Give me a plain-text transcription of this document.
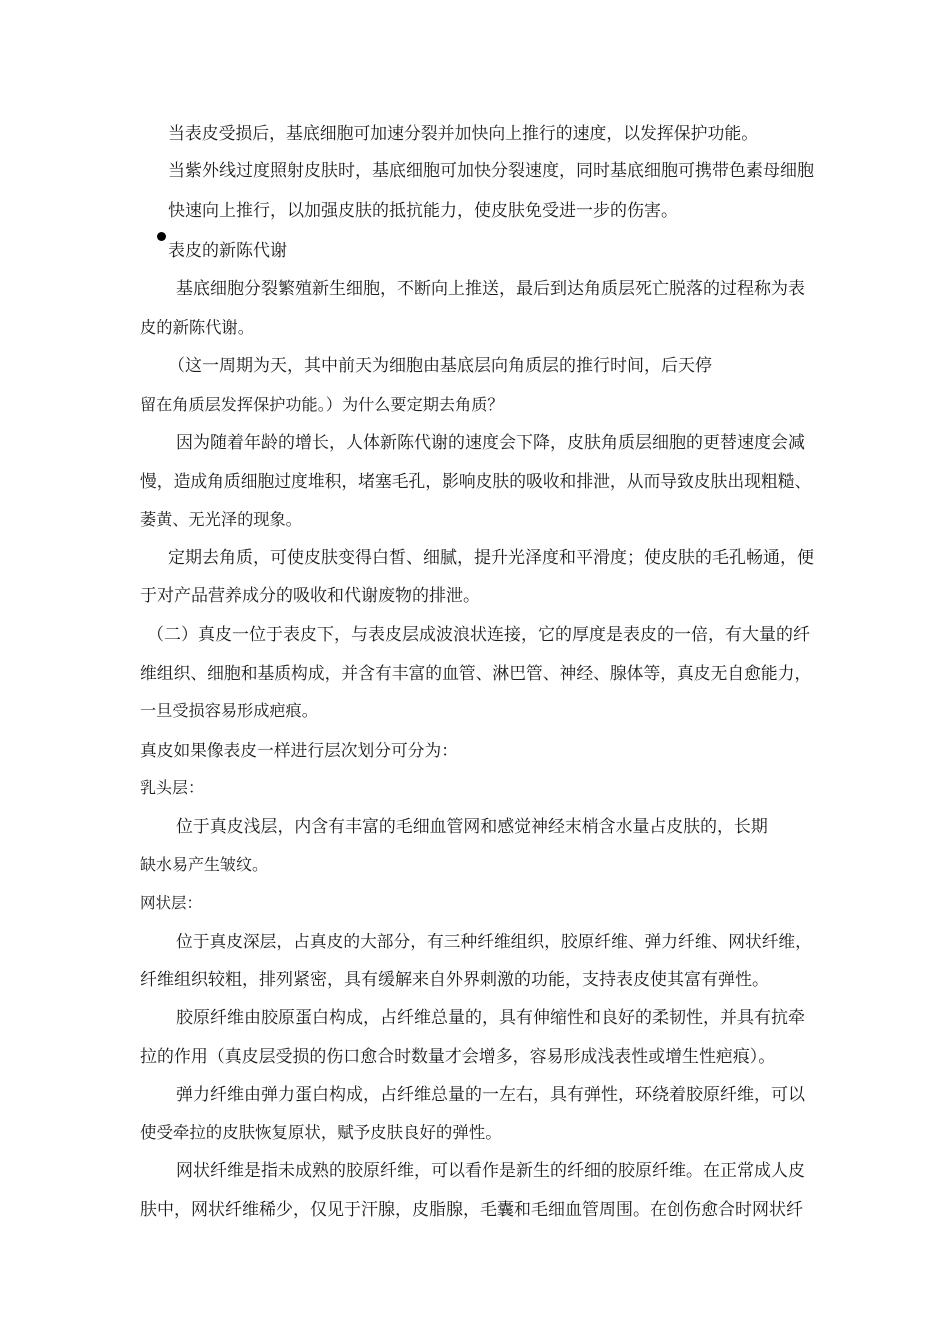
当表皮受损后，基底细胞可加速分裂并加快向上推行的速度，以发挥保护功能。
当紫外线过度照射皮肤时，基底细胞可加快分裂速度，同时基底细胞可携带色素母细胞
快速向上推行，以加强皮肤的抵抗能力，使皮肤免受进一步的伤害。
表皮的新陈代谢
基底细胞分裂繁殖新生细胞，不断向上推送，最后到达角质层死亡脱落的过程称为表
皮的新陈代谢。
（这一周期为天，其中前天为细胞由基底层向角质层的推行时间，后天停
留在角质层发挥保护功能。）为什么要定期去角质？
因为随着年龄的增长，人体新陈代谢的速度会下降，皮肤角质层细胞的更替速度会减
慢，造成角质细胞过度堆积，堵塞毛孔，影响皮肤的吸收和排泄，从而导致皮肤出现粗糙、
萎黄、无光泽的现象。
定期去角质，可使皮肤变得白皙、细腻，提升光泽度和平滑度；使皮肤的毛孔畅通，便
于对产品营养成分的吸收和代谢废物的排泄。
（二）真皮一位于表皮下，与表皮层成波浪状连接，它的厚度是表皮的一倍，有大量的纤
维组织、细胞和基质构成，并含有丰富的血管、淋巴管、神经、腺体等，真皮无自愈能力，
一旦受损容易形成疤痕。
真皮如果像表皮一样进行层次划分可分为：
乳头层：
位于真皮浅层，内含有丰富的毛细血管网和感觉神经末梢含水量占皮肤的，长期
缺水易产生皱纹。
网状层：
位于真皮深层，占真皮的大部分，有三种纤维组织，胶原纤维、弹力纤维、网状纤维，
纤维组织较粗，排列紧密，具有缓解来自外界刺激的功能，支持表皮使其富有弹性。
胶原纤维由胶原蛋白构成，占纤维总量的，具有伸缩性和良好的柔韧性，并具有抗牵
拉的作用（真皮层受损的伤口愈合时数量才会增多，容易形成浅表性或增生性疤痕）。
弹力纤维由弹力蛋白构成，占纤维总量的一左右，具有弹性，环绕着胶原纤维，可以
使受牵拉的皮肤恢复原状，赋予皮肤良好的弹性。
网状纤维是指未成熟的胶原纤维，可以看作是新生的纤细的胶原纤维。在正常成人皮
肤中，网状纤维稀少，仅见于汗腺，皮脂腺，毛囊和毛细血管周围。在创伤愈合时网状纤
